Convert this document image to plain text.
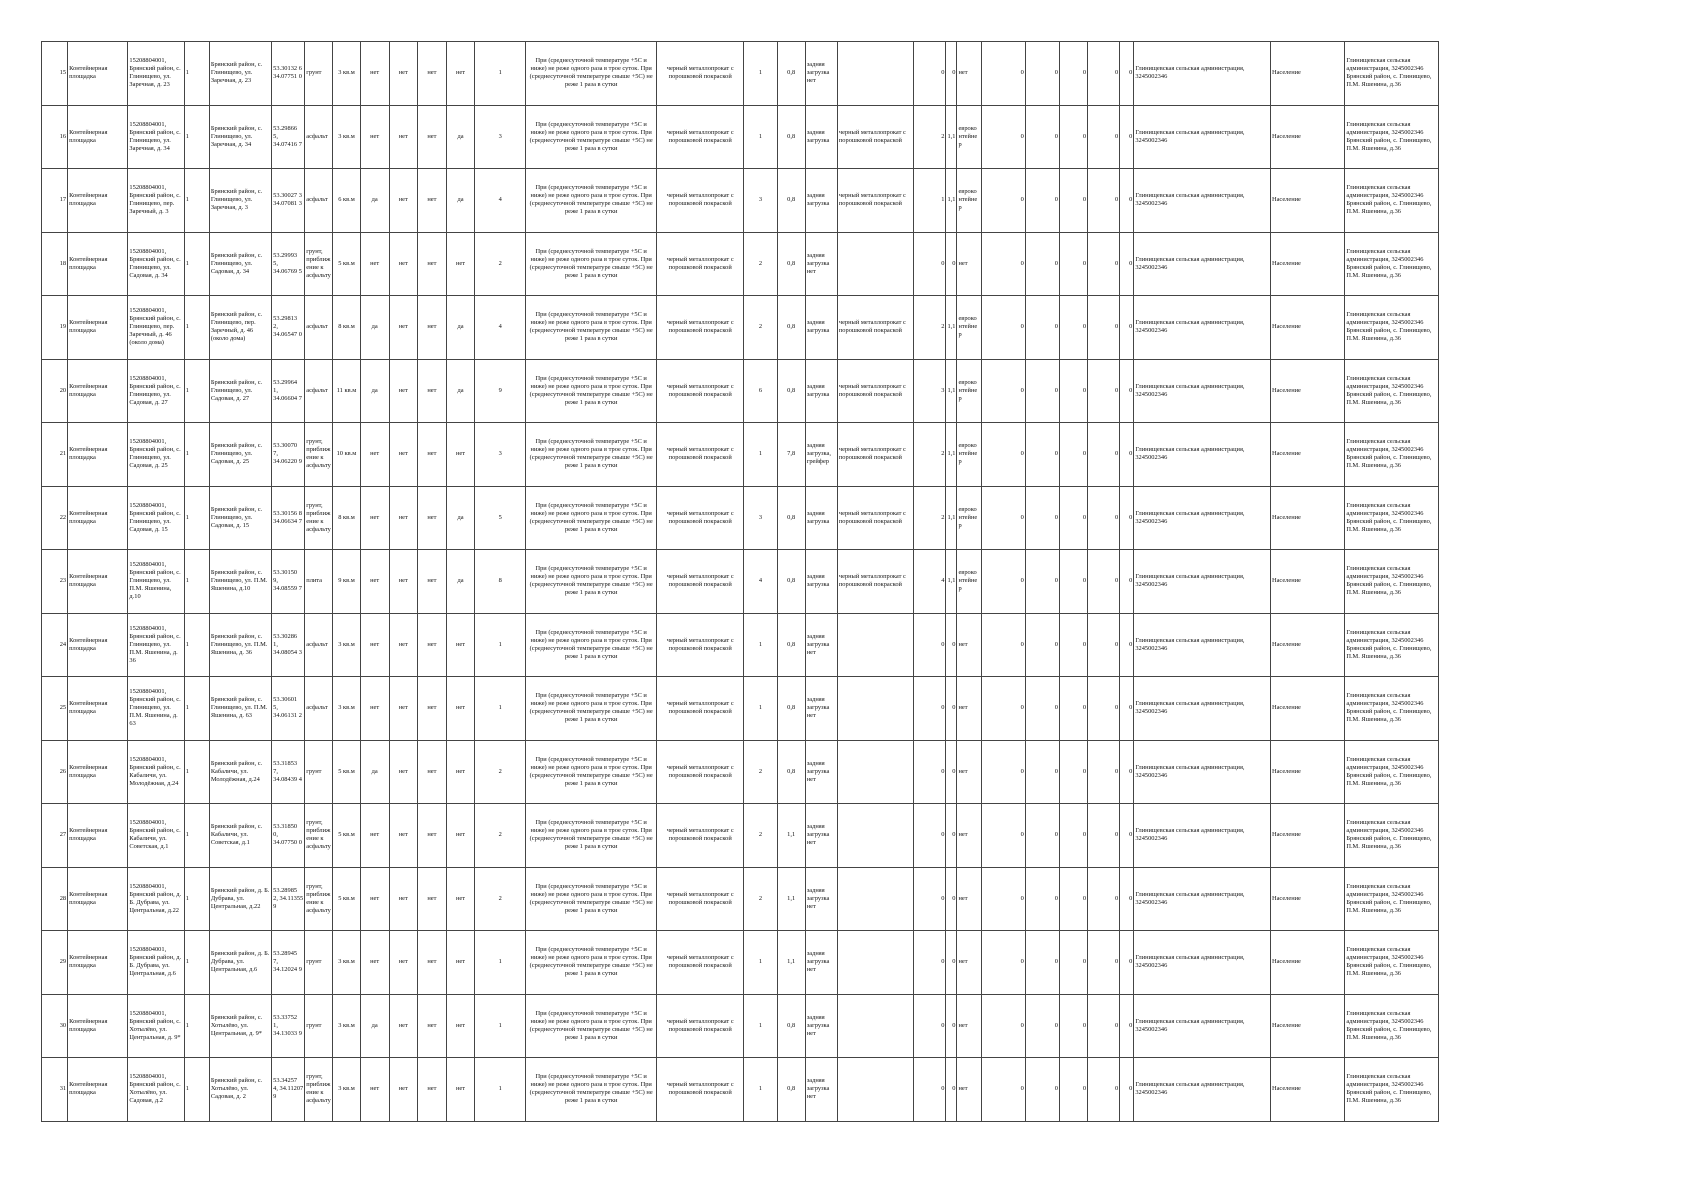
15	Контейнерная площадка	15208804001, Брянский район, с. Глинищево, ул. Заречная, д. 23	1	Брянский район, с. Глинищево, ул. Заречная, д. 23	53.30132 6 34.07751 0	грунт	3 кв.м	нет	нет	нет	нет	1	При (среднесуточной температуре +5С и ниже) не реже одного раза в трое суток. При (среднесуточной температуре свыше +5С) не реже 1 раза в сутки	черный металлопрокат с порошковой покраской	1	0,8	задняя загрузка нет		0	0	нет	0	0	0	0	0	Глинищевская сельская администрация, 3245002346	Население	Глинищевская сельская администрация, 3245002346 Брянский район, с. Глинищево, П.М. Яшенина, д.36
16	Контейнерная площадка	15208804001, Брянский район, с. Глинищево, ул. Заречная, д. 34	1	Брянский район, с. Глинищево, ул. Заречная, д. 34	53.29866 5, 34.07416 7	асфальт	3 кв.м	нет	нет	нет	да	3	При (среднесуточной температуре +5С и ниже) не реже одного раза в трое суток. При (среднесуточной температуре свыше +5С) не реже 1 раза в сутки	черный металлопрокат с порошковой покраской	1	0,8	задняя загрузка	черный металлопрокат с порошковой покраской	2	1,1	евроконтейнер	0	0	0	0	0	Глинищевская сельская администрация, 3245002346	Население	Глинищевская сельская администрация, 3245002346 Брянский район, с. Глинищево, П.М. Яшенина, д.36
17	Контейнерная площадка	15208804001, Брянский район, с. Глинищево, пер. Заречный, д. 3	1	Брянский район, с. Глинищево, ул. Заречная, д. 3	53.30027 3 34.07081 3	асфальт	6 кв.м	да	нет	нет	да	4	При (среднесуточной температуре +5С и ниже) не реже одного раза в трое суток. При (среднесуточной температуре свыше +5С) не реже 1 раза в сутки	черный металлопрокат с порошковой покраской	3	0,8	задняя загрузка	черный металлопрокат с порошковой покраской	1	1,1	евроконтейнер	0	0	0	0	0	Глинищевская сельская администрация, 3245002346	Население	Глинищевская сельская администрация, 3245002346 Брянский район, с. Глинищево, П.М. Яшенина, д.36
18	Контейнерная площадка	15208804001, Брянский район, с. Глинищево, ул. Садовая, д. 34	1	Брянский район, с. Глинищево, ул. Садовая, д. 34	53.29993 5, 34.06769 5	грунт, приближение к асфальту	5 кв.м	нет	нет	нет	нет	2	При (среднесуточной температуре +5С и ниже) не реже одного раза в трое суток. При (среднесуточной температуре свыше +5С) не реже 1 раза в сутки	черный металлопрокат с порошковой покраской	2	0,8	задняя загрузка нет		0	0	нет	0	0	0	0	0	Глинищевская сельская администрация, 3245002346	Население	Глинищевская сельская администрация, 3245002346 Брянский район, с. Глинищево, П.М. Яшенина, д.36
19	Контейнерная площадка	15208804001, Брянский район, с. Глинищево, пер. Заречный, д. 46 (около дома)	1	Брянский район, с. Глинищево, пер. Заречный, д. 46 (около дома)	53.29813 2, 34.06547 0	асфальт	8 кв.м	да	нет	нет	да	4	При (среднесуточной температуре +5С и ниже) не реже одного раза в трое суток. При (среднесуточной температуре свыше +5С) не реже 1 раза в сутки	черный металлопрокат с порошковой покраской	2	0,8	задняя загрузка	черный металлопрокат с порошковой покраской	2	1,1	евроконтейнер	0	0	0	0	0	Глинищевская сельская администрация, 3245002346	Население	Глинищевская сельская администрация, 3245002346 Брянский район, с. Глинищево, П.М. Яшенина, д.36
20	Контейнерная площадка	15208804001, Брянский район, с. Глинищево, ул. Садовая, д. 27	1	Брянский район, с. Глинищево, ул. Садовая, д. 27	53.29964 1, 34.06604 7	асфальт	11 кв.м	да	нет	нет	да	9	При (среднесуточной температуре +5С и ниже) не реже одного раза в трое суток. При (среднесуточной температуре свыше +5С) не реже 1 раза в сутки	черный металлопрокат с порошковой покраской	6	0,8	задняя загрузка	черный металлопрокат с порошковой покраской	3	1,1	евроконтейнер	0	0	0	0	0	Глинищевская сельская администрация, 3245002346	Население	Глинищевская сельская администрация, 3245002346 Брянский район, с. Глинищево, П.М. Яшенина, д.36
21	Контейнерная площадка	15208804001, Брянский район, с. Глинищево, ул. Садовая, д. 25	1	Брянский район, с. Глинищево, ул. Садовая, д. 25	53.30070 7, 34.06220 9	грунт, приближение к асфальту	10 кв.м	нет	нет	нет	нет	3	При (среднесуточной температуре +5С и ниже) не реже одного раза в трое суток. При (среднесуточной температуре свыше +5С) не реже 1 раза в сутки	черный металлопрокат с порошковой покраской	1	7,8	задняя загрузка, грейфер	черный металлопрокат с порошковой покраской	2	1,1	евроконтейнер	0	0	0	0	0	Глинищевская сельская администрация, 3245002346	Население	Глинищевская сельская администрация, 3245002346 Брянский район, с. Глинищево, П.М. Яшенина, д.36
22	Контейнерная площадка	15208804001, Брянский район, с. Глинищево, ул. Садовая, д. 15	1	Брянский район, с. Глинищево, ул. Садовая, д. 15	53.30156 8 34.06634 7	грунт, приближение к асфальту	8 кв.м	нет	нет	нет	да	5	При (среднесуточной температуре +5С и ниже) не реже одного раза в трое суток. При (среднесуточной температуре свыше +5С) не реже 1 раза в сутки	черный металлопрокат с порошковой покраской	3	0,8	задняя загрузка	черный металлопрокат с порошковой покраской	2	1,1	евроконтейнер	0	0	0	0	0	Глинищевская сельская администрация, 3245002346	Население	Глинищевская сельская администрация, 3245002346 Брянский район, с. Глинищево, П.М. Яшенина, д.36
23	Контейнерная площадка	15208804001, Брянский район, с. Глинищево, ул. П.М. Яшенина, д.10	1	Брянский район, с. Глинищево, ул. П.М. Яшенина, д.10	53.30150 9, 34.08559 7	плита	9 кв.м	нет	нет	нет	да	8	При (среднесуточной температуре +5С и ниже) не реже одного раза в трое суток. При (среднесуточной температуре свыше +5С) не реже 1 раза в сутки	черный металлопрокат с порошковой покраской	4	0,8	задняя загрузка	черный металлопрокат с порошковой покраской	4	1,1	евроконтейнер	0	0	0	0	0	Глинищевская сельская администрация, 3245002346	Население	Глинищевская сельская администрация, 3245002346 Брянский район, с. Глинищево, П.М. Яшенина, д.36
24	Контейнерная площадка	15208804001, Брянский район, с. Глинищево, ул. П.М. Яшенина, д. 36	1	Брянский район, с. Глинищево, ул. П.М. Яшенина, д. 36	53.30286 1, 34.08054 3	асфальт	3 кв.м	нет	нет	нет	нет	1	При (среднесуточной температуре +5С и ниже) не реже одного раза в трое суток. При (среднесуточной температуре свыше +5С) не реже 1 раза в сутки	черный металлопрокат с порошковой покраской	1	0,8	задняя загрузка нет		0	0	нет	0	0	0	0	0	Глинищевская сельская администрация, 3245002346	Население	Глинищевская сельская администрация, 3245002346 Брянский район, с. Глинищево, П.М. Яшенина, д.36
25	Контейнерная площадка	15208804001, Брянский район, с. Глинищево, ул. П.М. Яшенина, д. 63	1	Брянский район, с. Глинищево, ул. П.М. Яшенина, д. 63	53.30601 5, 34.06131 2	асфальт	3 кв.м	нет	нет	нет	нет	1	При (среднесуточной температуре +5С и ниже) не реже одного раза в трое суток. При (среднесуточной температуре свыше +5С) не реже 1 раза в сутки	черный металлопрокат с порошковой покраской	1	0,8	задняя загрузка нет		0	0	нет	0	0	0	0	0	Глинищевская сельская администрация, 3245002346	Население	Глинищевская сельская администрация, 3245002346 Брянский район, с. Глинищево, П.М. Яшенина, д.36
26	Контейнерная площадка	15208804001, Брянский район, с. Кабаличи, ул. Молодёжная, д.24	1	Брянский район, с. Кабаличи, ул. Молодёжная, д.24	53.31853 7, 34.08439 4	грунт	5 кв.м	да	нет	нет	нет	2	При (среднесуточной температуре +5С и ниже) не реже одного раза в трое суток. При (среднесуточной температуре свыше +5С) не реже 1 раза в сутки	черный металлопрокат с порошковой покраской	2	0,8	задняя загрузка нет		0	0	нет	0	0	0	0	0	Глинищевская сельская администрация, 3245002346	Население	Глинищевская сельская администрация, 3245002346 Брянский район, с. Глинищево, П.М. Яшенина, д.36
27	Контейнерная площадка	15208804001, Брянский район, с. Кабаличи, ул. Советская, д.1	1	Брянский район, с. Кабаличи, ул. Советская, д.1	53.31850 0, 34.07750 0	грунт, приближение к асфальту	5 кв.м	нет	нет	нет	нет	2	При (среднесуточной температуре +5С и ниже) не реже одного раза в трое суток. При (среднесуточной температуре свыше +5С) не реже 1 раза в сутки	черный металлопрокат с порошковой покраской	2	1,1	задняя загрузка нет		0	0	нет	0	0	0	0	0	Глинищевская сельская администрация, 3245002346	Население	Глинищевская сельская администрация, 3245002346 Брянский район, с. Глинищево, П.М. Яшенина, д.36
28	Контейнерная площадка	15208804001, Брянский район, д. Б. Дубрава, ул. Центральная, д.22	1	Брянский район, д. Б. Дубрава, ул. Центральная, д.22	53.28985 2, 34.11355 9	грунт, приближение к асфальту	5 кв.м	нет	нет	нет	нет	2	При (среднесуточной температуре +5С и ниже) не реже одного раза в трое суток. При (среднесуточной температуре свыше +5С) не реже 1 раза в сутки	черный металлопрокат с порошковой покраской	2	1,1	задняя загрузка нет		0	0	нет	0	0	0	0	0	Глинищевская сельская администрация, 3245002346	Население	Глинищевская сельская администрация, 3245002346 Брянский район, с. Глинищево, П.М. Яшенина, д.36
29	Контейнерная площадка	15208804001, Брянский район, д. Б. Дубрава, ул. Центральная, д.6	1	Брянский район, д. Б. Дубрава, ул. Центральная, д.6	53.28945 7, 34.12024 9	грунт	3 кв.м	нет	нет	нет	нет	1	При (среднесуточной температуре +5С и ниже) не реже одного раза в трое суток. При (среднесуточной температуре свыше +5С) не реже 1 раза в сутки	черный металлопрокат с порошковой покраской	1	1,1	задняя загрузка нет		0	0	нет	0	0	0	0	0	Глинищевская сельская администрация, 3245002346	Население	Глинищевская сельская администрация, 3245002346 Брянский район, с. Глинищево, П.М. Яшенина, д.36
30	Контейнерная площадка	15208804001, Брянский район, с. Хотылёво, ул. Центральная, д. 9*	1	Брянский район, с. Хотылёво, ул. Центральная, д. 9*	53.33752 1, 34.13033 9	грунт	3 кв.м	да	нет	нет	нет	1	При (среднесуточной температуре +5С и ниже) не реже одного раза в трое суток. При (среднесуточной температуре свыше +5С) не реже 1 раза в сутки	черный металлопрокат с порошковой покраской	1	0,8	задняя загрузка нет		0	0	нет	0	0	0	0	0	Глинищевская сельская администрация, 3245002346	Население	Глинищевская сельская администрация, 3245002346 Брянский район, с. Глинищево, П.М. Яшенина, д.36
31	Контейнерная площадка	15208804001, Брянский район, с. Хотылёво, ул. Садовая, д.2	1	Брянский район, с. Хотылёво, ул. Садовая, д. 2	53.34257 4, 34.11207 9	грунт, приближение к асфальту	3 кв.м	нет	нет	нет	нет	1	При (среднесуточной температуре +5С и ниже) не реже одного раза в трое суток. При (среднесуточной температуре свыше +5С) не реже 1 раза в сутки	черный металлопрокат с порошковой покраской	1	0,8	задняя загрузка нет		0	0	нет	0	0	0	0	0	Глинищевская сельская администрация, 3245002346	Население	Глинищевская сельская администрация, 3245002346 Брянский район, с. Глинищево, П.М. Яшенина, д.36
